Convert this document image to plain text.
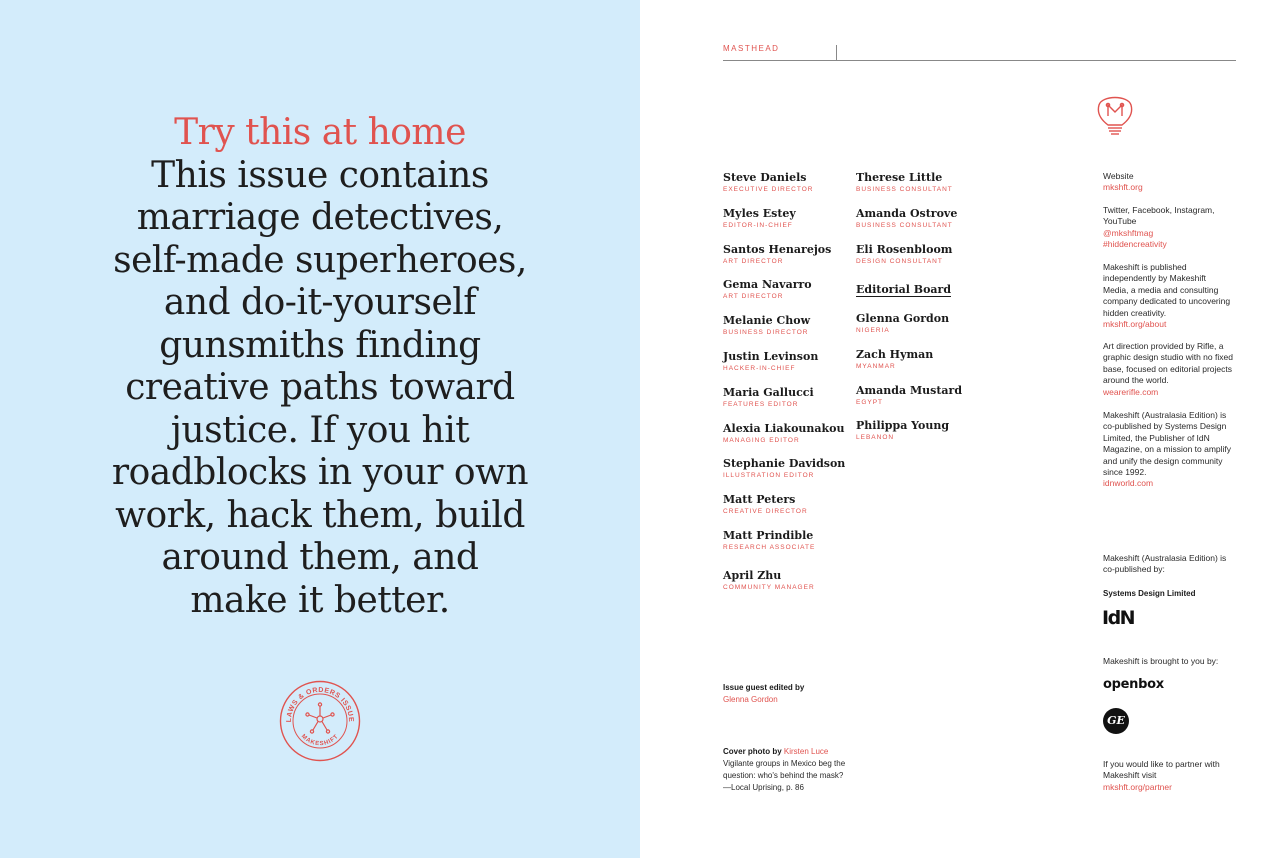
Try this at home
This issue contains marriage detectives, self-made superheroes, and do-it-yourself gunsmiths finding creative paths toward justice. If you hit roadblocks in your own work, hack them, build around them, and make it better.
LAWS & ORDERS ISSUE
MAKESHIFT
MASTHEAD
Steve Daniels
EXECUTIVE DIRECTOR
Myles Estey
EDITOR-IN-CHIEF
Santos Henarejos
ART DIRECTOR
Gema Navarro
ART DIRECTOR
Melanie Chow
BUSINESS DIRECTOR
Justin Levinson
HACKER-IN-CHIEF
Maria Gallucci
FEATURES EDITOR
Alexia Liakounakou
MANAGING EDITOR
Stephanie Davidson
ILLUSTRATION EDITOR
Matt Peters
CREATIVE DIRECTOR
Matt Prindible
RESEARCH ASSOCIATE
April Zhu
COMMUNITY MANAGER
Therese Little
BUSINESS CONSULTANT
Amanda Ostrove
BUSINESS CONSULTANT
Eli Rosenbloom
DESIGN CONSULTANT
Editorial Board
Glenna Gordon
NIGERIA
Zach Hyman
MYANMAR
Amanda Mustard
EGYPT
Philippa Young
LEBANON
Issue guest edited by
Glenna Gordon
Cover photo by Kirsten Luce
Vigilante groups in Mexico beg the question: who's behind the mask?
—Local Uprising, p. 86
Website
mkshft.org
Twitter, Facebook, Instagram, YouTube
@mkshftmag
#hiddencreativity
Makeshift is published independently by Makeshift Media, a media and consulting company dedicated to uncovering hidden creativity.
mkshft.org/about
Art direction provided by Rifle, a graphic design studio with no fixed base, focused on editorial projects around the world.
wearerifle.com
Makeshift (Australasia Edition) is co-published by Systems Design Limited, the Publisher of IdN Magazine, on a mission to amplify and unify the design community since 1992.
idnworld.com
Makeshift (Australasia Edition) is co-published by:
Systems Design Limited
IdN
Makeshift is brought to you by:
openbox
GE
If you would like to partner with Makeshift visit
mkshft.org/partner
